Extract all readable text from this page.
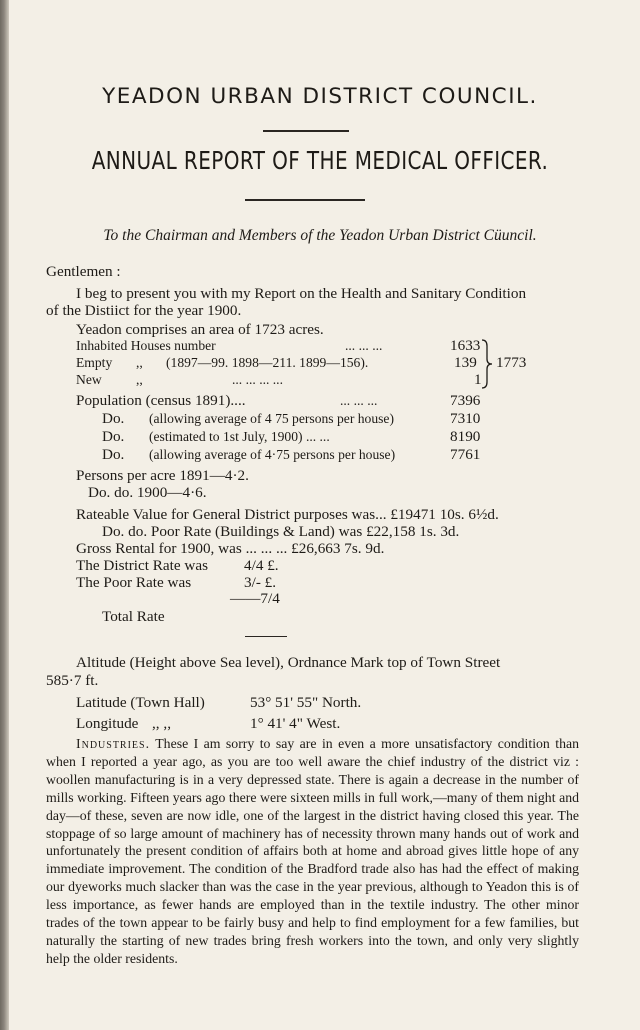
YEADON URBAN DISTRICT COUNCIL.
ANNUAL REPORT OF THE MEDICAL OFFICER.
To the Chairman and Members of the Yeadon Urban District Cüuncil.
Gentlemen :
I beg to present you with my Report on the Health and Sanitary Condition
of the Distiict for the year 1900.
Yeadon comprises an area of 1723 acres.
Inhabited Houses number	... ... ...	1633
Empty ,, (1897—99. 1898—211. 1899—156).	139
New	,,	... ... ... ...	1
1773
Population (census 1891)....	... ... ...	7396
Do. (allowing average of 4 75 persons per house)	7310
Do. (estimated to 1st July, 1900) ... ...	8190
Do. (allowing average of 4·75 persons per house)	7761
Persons per acre 1891—4·2.
Do. do. 1900—4·6.
Rateable Value for General District purposes was... £19471 10s. 6½d.
Do. do. Poor Rate (Buildings & Land) was £22,158 1s. 3d.
Gross Rental for 1900, was ... ... ... £26,663 7s. 9d.
The District Rate was 4/4 £.
The Poor Rate was	3/- £.
——7/4
Total Rate
Altitude (Height above Sea level), Ordnance Mark top of Town Street
585·7 ft.
Latitude (Town Hall)	53° 51' 55" North.
Longitude ,, ,,	1° 41' 4" West.
Industries. These I am sorry to say are in even a more unsatisfactory condition than when I reported a year ago, as you are too well aware the chief industry of the district viz : woollen manufacturing is in a very depressed state. There is again a decrease in the number of mills working. Fifteen years ago there were sixteen mills in full work,—many of them night and day—of these, seven are now idle, one of the largest in the district having closed this year. The stoppage of so large amount of machinery has of necessity thrown many hands out of work and unfortunately the present condition of affairs both at home and abroad gives little hope of any immediate improvement. The condition of the Bradford trade also has had the effect of making our dyeworks much slacker than was the case in the year previous, although to Yeadon this is of less importance, as fewer hands are employed than in the textile industry. The other minor trades of the town appear to be fairly busy and help to find employment for a few families, but naturally the starting of new trades bring fresh workers into the town, and only very slightly help the older residents.
